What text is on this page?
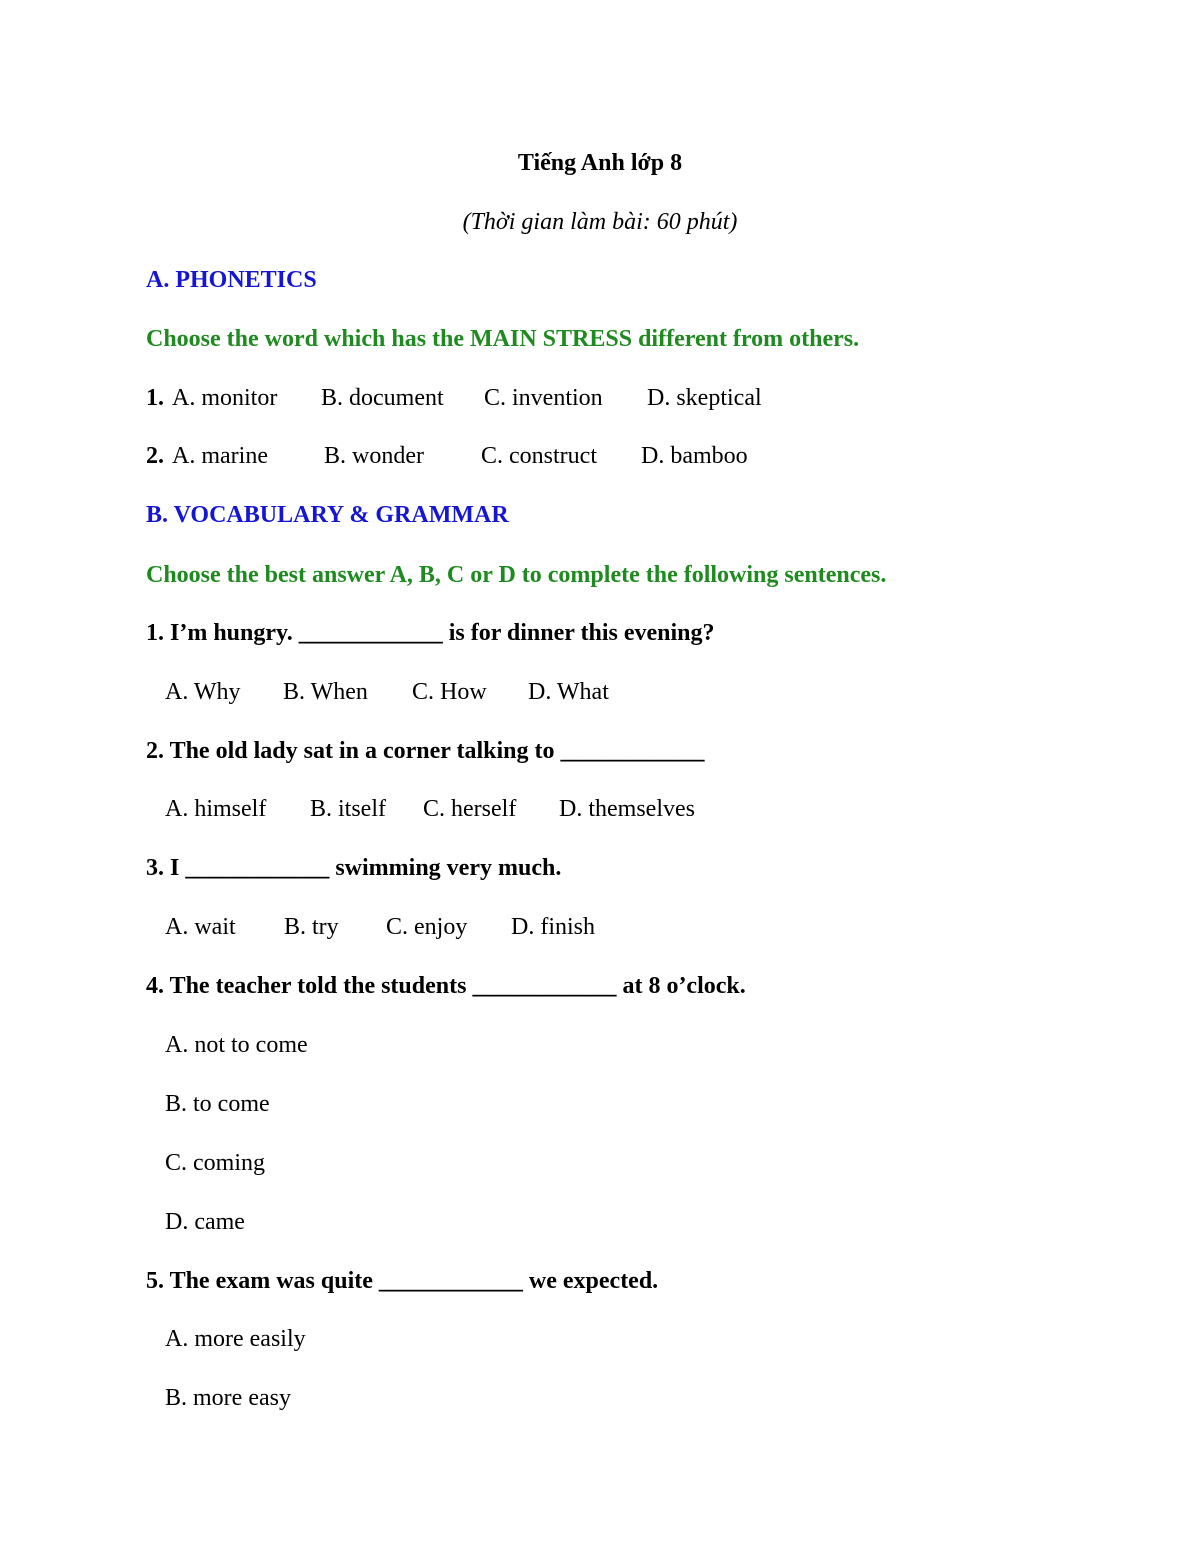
Tiếng Anh lớp 8
(Thời gian làm bài: 60 phút)
A. PHONETICS
Choose the word which has the MAIN STRESS different from others.

1.

A. monitor

B. document

C. invention

D. skeptical

2.

A. marine

B. wonder

C. construct

D. bamboo

B. VOCABULARY & GRAMMAR
Choose the best answer A, B, C or D to complete the following sentences.
1. I’m hungry. ____________ is for dinner this evening?

A. Why

B. When

C. How

D. What

2. The old lady sat in a corner talking to ____________

A. himself

B. itself

C. herself

D. themselves

3. I ____________ swimming very much.

A. wait

B. try

C. enjoy

D. finish

4. The teacher told the students ____________ at 8 o’clock.
A. not to come
B. to come
C. coming
D. came
5. The exam was quite ____________ we expected.
A. more easily
B. more easy
